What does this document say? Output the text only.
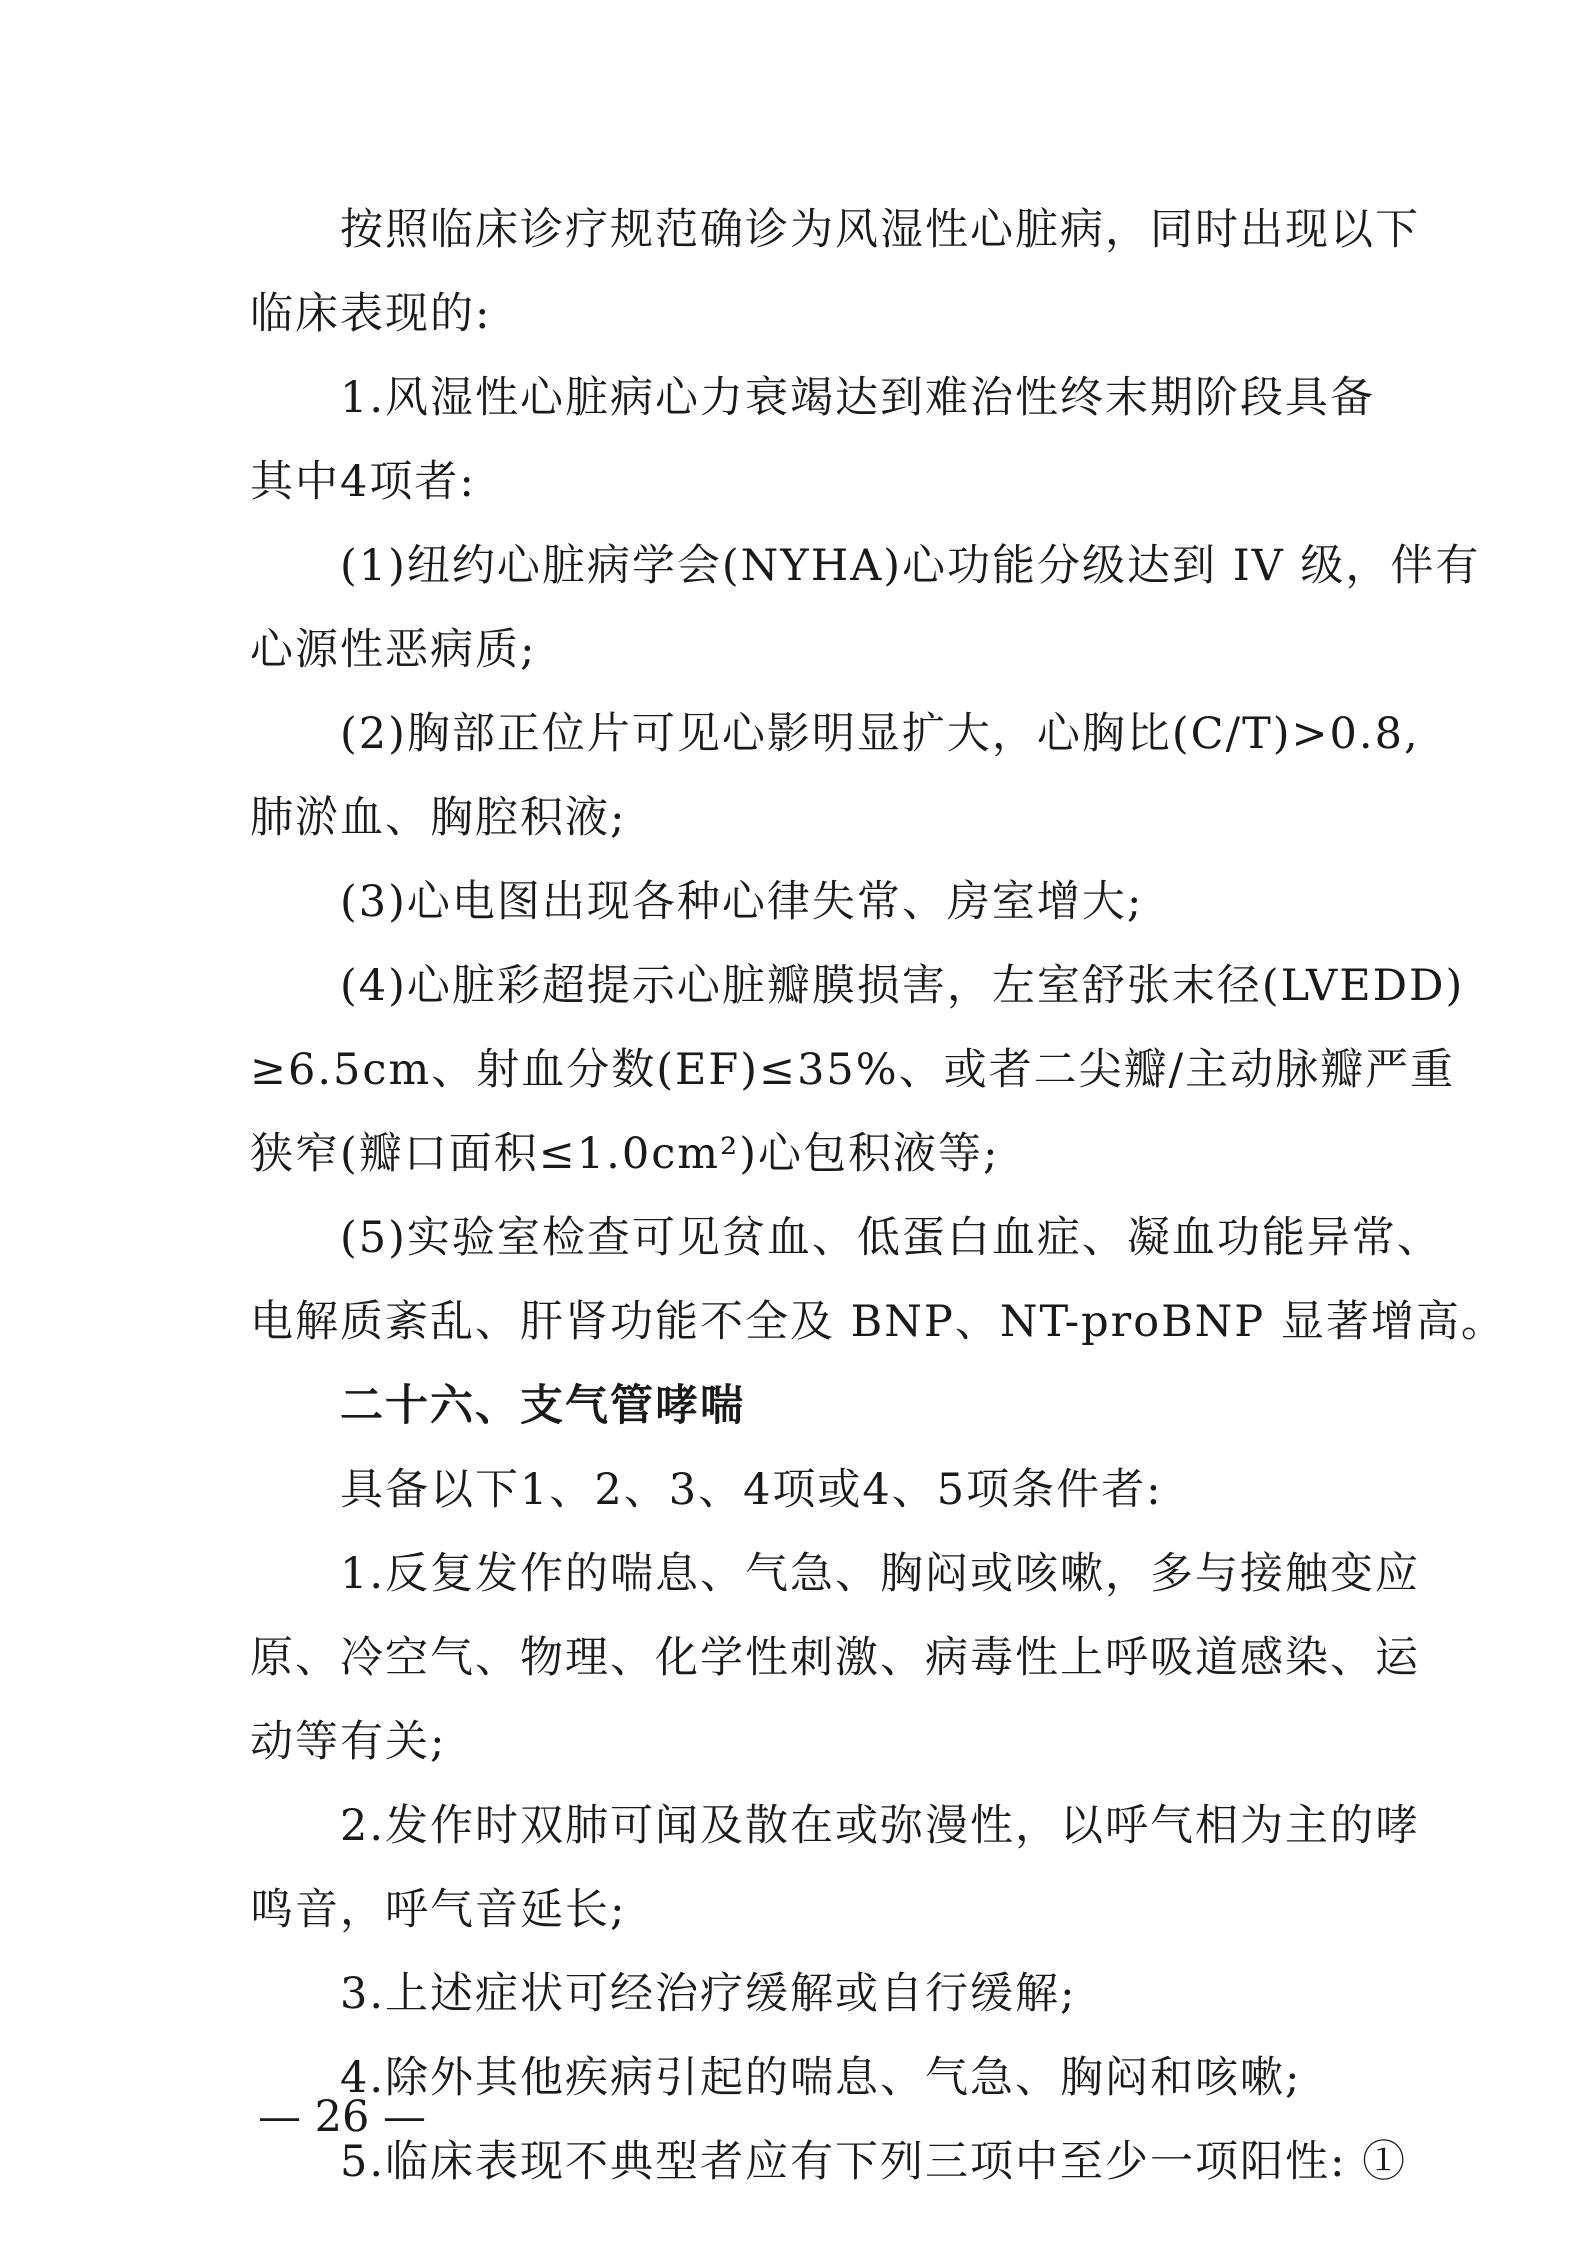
按照临床诊疗规范确诊为风湿性心脏病，同时出现以下
临床表现的:
1.风湿性心脏病心力衰竭达到难治性终末期阶段具备
其中4项者:
(1)纽约心脏病学会(NYHA)心功能分级达到 IV 级，伴有
心源性恶病质;
(2)胸部正位片可见心影明显扩大，心胸比(C/T)>0.8,
肺淤血、胸腔积液;
(3)心电图出现各种心律失常、房室增大;
(4)心脏彩超提示心脏瓣膜损害，左室舒张末径(LVEDD)
≥6.5cm、射血分数(EF)≤35%、或者二尖瓣/主动脉瓣严重
狭窄(瓣口面积≤1.0cm²)心包积液等;
(5)实验室检查可见贫血、低蛋白血症、凝血功能异常、
电解质紊乱、肝肾功能不全及 BNP、NT-proBNP 显著增高。
二十六、支气管哮喘
具备以下1、2、3、4项或4、5项条件者:
1.反复发作的喘息、气急、胸闷或咳嗽，多与接触变应
原、冷空气、物理、化学性刺激、病毒性上呼吸道感染、运
动等有关;
2.发作时双肺可闻及散在或弥漫性，以呼气相为主的哮
鸣音，呼气音延长;
3.上述症状可经治疗缓解或自行缓解;
4.除外其他疾病引起的喘息、气急、胸闷和咳嗽;
5.临床表现不典型者应有下列三项中至少一项阳性: ①
— 26 —
